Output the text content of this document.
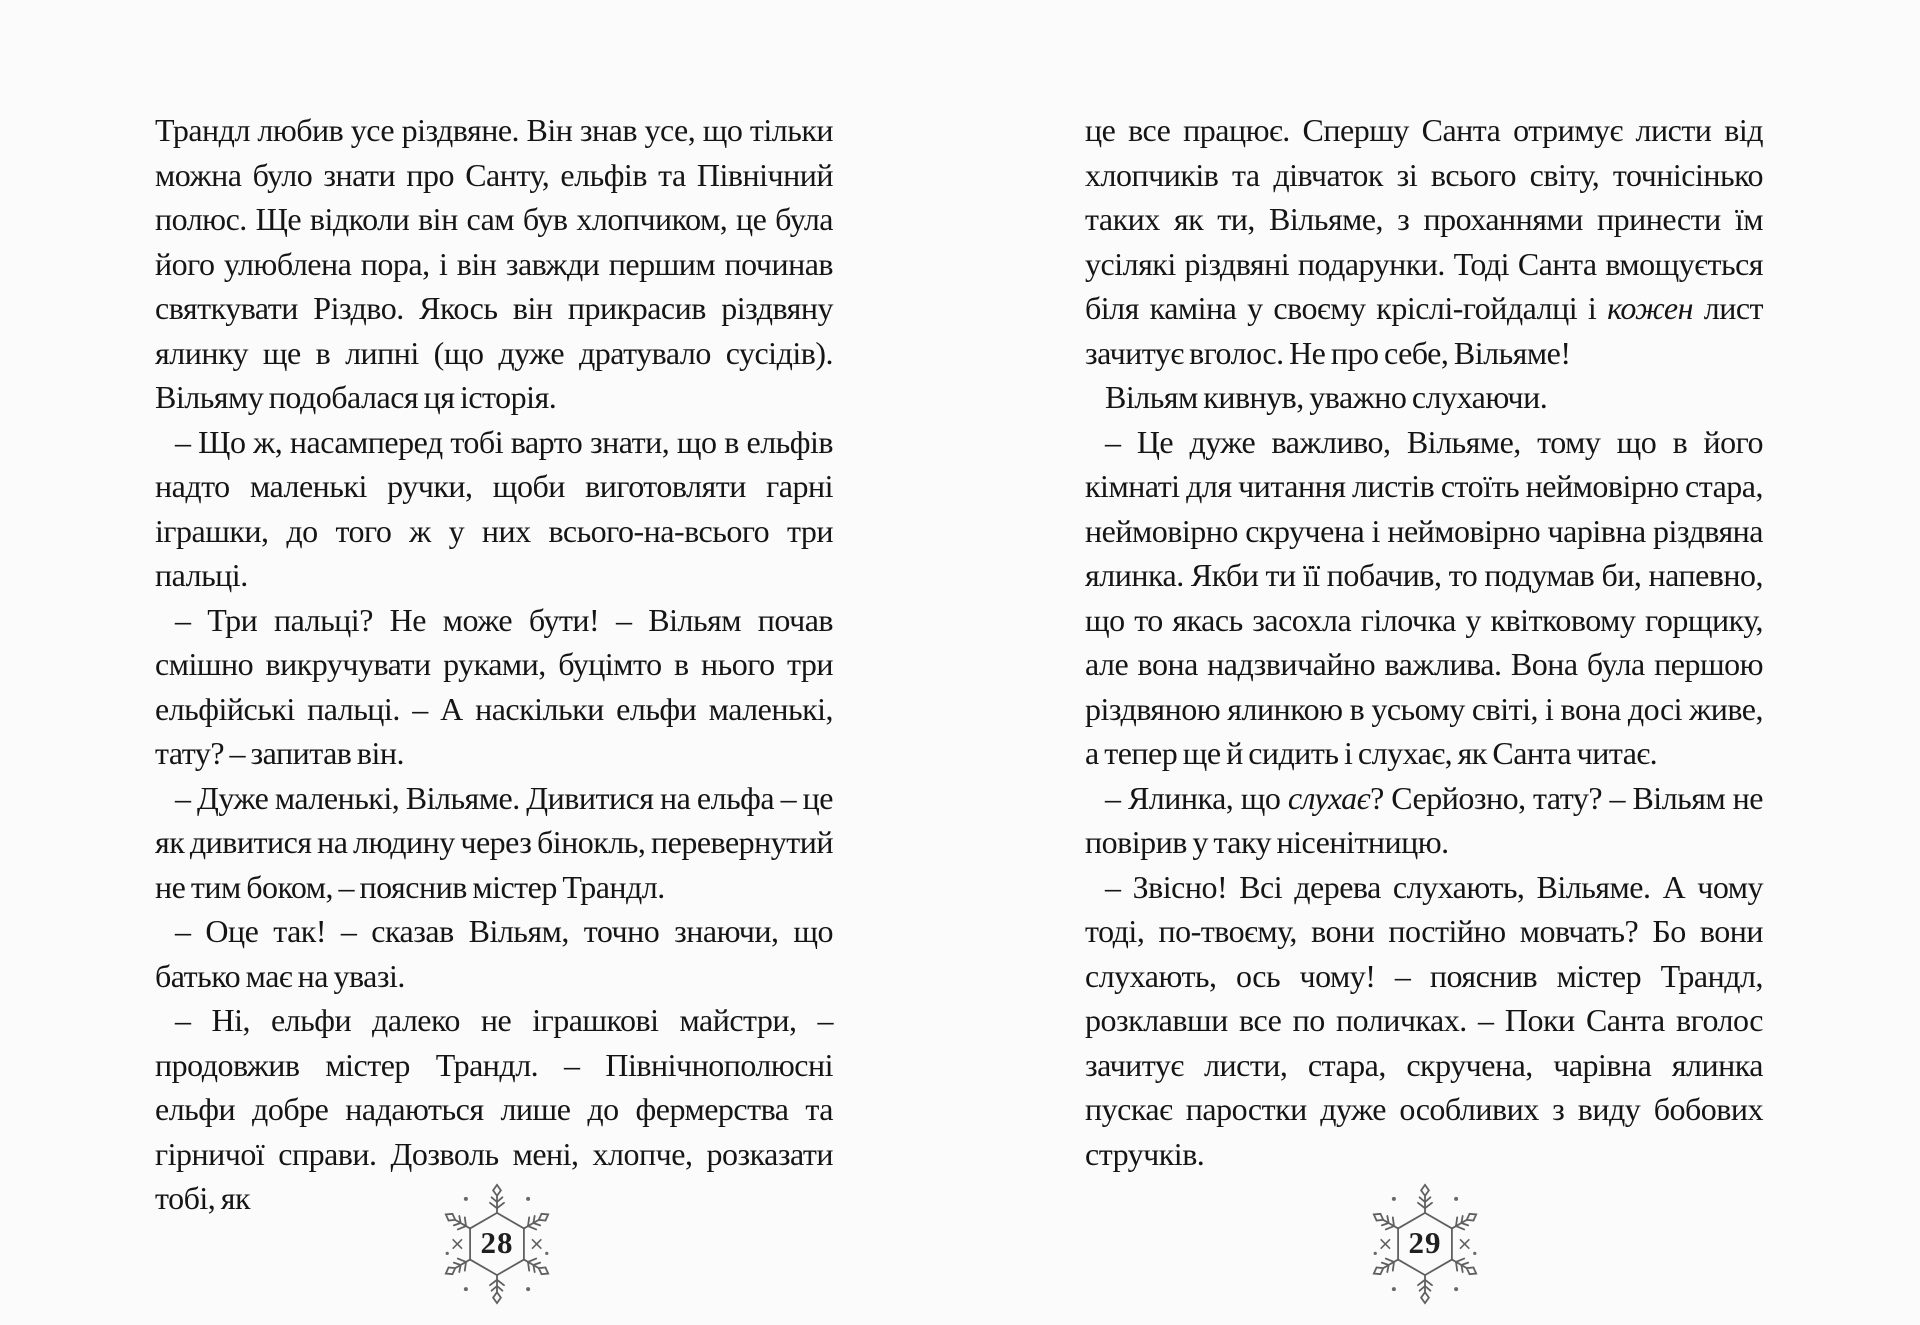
Трандл любив усе різдвяне. Він знав усе, що тільки можна було знати про Санту, ельфів та Північний полюс. Ще відколи він сам був хлопчиком, це була його улюблена пора, і він завжди першим починав святкувати Різдво. Якось він прикрасив різдвяну ялинку ще в липні (що дуже дратувало сусідів). Вільяму подобалася ця історія.

– Що ж, насамперед тобі варто знати, що в ельфів надто маленькі ручки, щоби виготовляти гарні іграшки, до того ж у них всього-на-всього три пальці.

– Три пальці? Не може бути! – Вільям почав смішно викручувати руками, буцімто в нього три ельфійські пальці. – А наскільки ельфи маленькі, тату? – запитав він.

– Дуже маленькі, Вільяме. Дивитися на ельфа – це як дивитися на людину через бінокль, перевернутий не тим боком, – пояснив містер Трандл.

– Оце так! – сказав Вільям, точно знаючи, що батько має на увазі.

– Ні, ельфи далеко не іграшкові майстри, – продовжив містер Трандл. – Північнополюсні ельфи добре надаються лише до фермерства та гірничої справи. Дозволь мені, хлопче, розказати тобі, як

це все працює. Спершу Санта отримує листи від хлопчиків та дівчаток зі всього світу, точнісінько таких як ти, Вільяме, з проханнями принести їм усілякі різдвяні подарунки. Тоді Санта вмощується біля каміна у своєму кріслі-гойдалці і кожен лист зачитує вголос. Не про себе, Вільяме!

Вільям кивнув, уважно слухаючи.

– Це дуже важливо, Вільяме, тому що в його кімнаті для читання листів стоїть неймовірно стара, неймовірно скручена і неймовірно чарівна різдвяна ялинка. Якби ти її побачив, то подумав би, напевно, що то якась засохла гілочка у квітковому горщику, але вона надзвичайно важлива. Вона була першою різдвяною ялинкою в усьому світі, і вона досі живе, а тепер ще й сидить і слухає, як Санта читає.

– Ялинка, що слухає? Серйозно, тату? – Вільям не повірив у таку нісенітницю.

– Звісно! Всі дерева слухають, Вільяме. А чому тоді, по-твоєму, вони постійно мовчать? Бо вони слухають, ось чому! – пояснив містер Трандл, розклавши все по поличках. – Поки Санта вголос зачитує листи, стара, скручена, чарівна ялинка пускає паростки дуже особливих з виду бобових стручків.

28	29
